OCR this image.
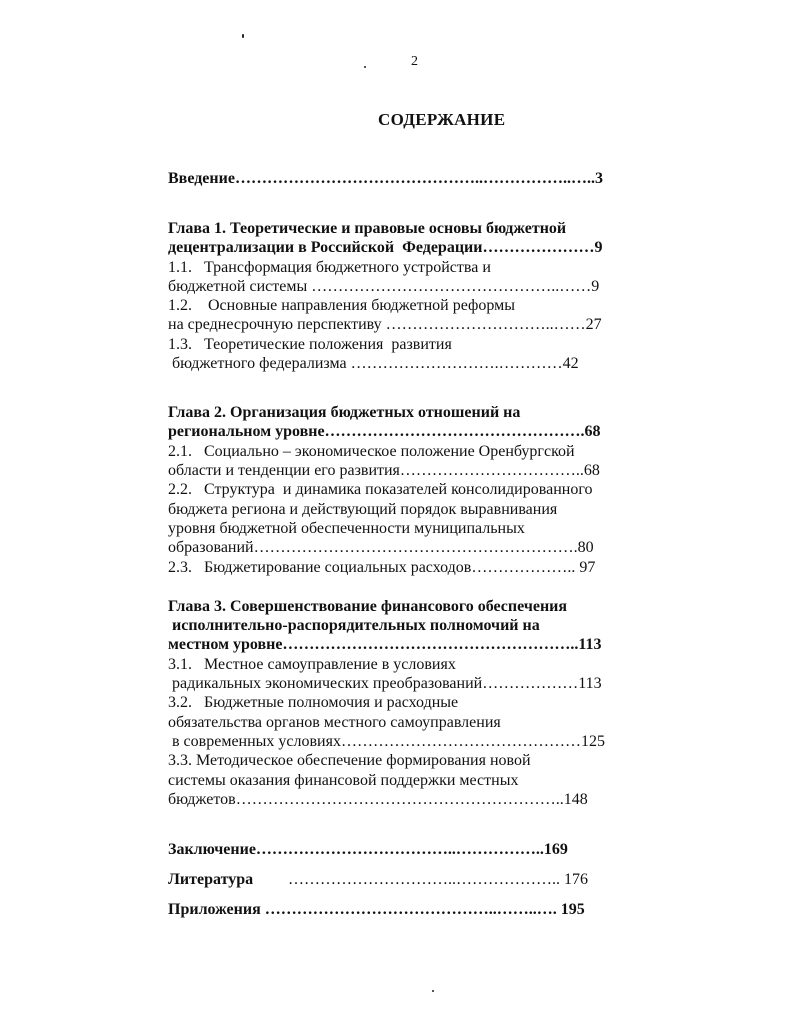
2
СОДЕРЖАНИЕ
Введение………………………………………..……………..…..3
Глава 1. Теоретические и правовые основы бюджетной
децентрализации в Российской  Федерации…………………9
1.1.   Трансформация бюджетного устройства и
бюджетной системы ………………………………………..……9
1.2.    Основные направления бюджетной реформы
на среднесрочную перспективу …………………………..……27
1.3.   Теоретические положения  развития
бюджетного федерализма ……………………….…………42
Глава 2. Организация бюджетных отношений на
региональном уровне………………………………………….68
2.1.   Социально – экономическое положение Оренбургской
области и тенденции его развития……………………………..68
2.2.   Структура  и динамика показателей консолидированного
бюджета региона и действующий порядок выравнивания
уровня бюджетной обеспеченности муниципальных
образований…………………………………………………….80
2.3.   Бюджетирование социальных расходов……………….. 97
Глава 3. Совершенствование финансового обеспечения
исполнительно-распорядительных полномочий на
местном уровне………………………………………………..113
3.1.   Местное самоуправление в условиях
радикальных экономических преобразований………………113
3.2.   Бюджетные полномочия и расходные
обязательства органов местного самоуправления
в современных условиях………………………………………125
3.3. Методическое обеспечение формирования новой
системы оказания финансовой поддержки местных
бюджетов……………………………………………………..148
Заключение………………………………..……………..169
Литература …………………………..……………….. 176
Приложения ……………………………………..……..…. 195
